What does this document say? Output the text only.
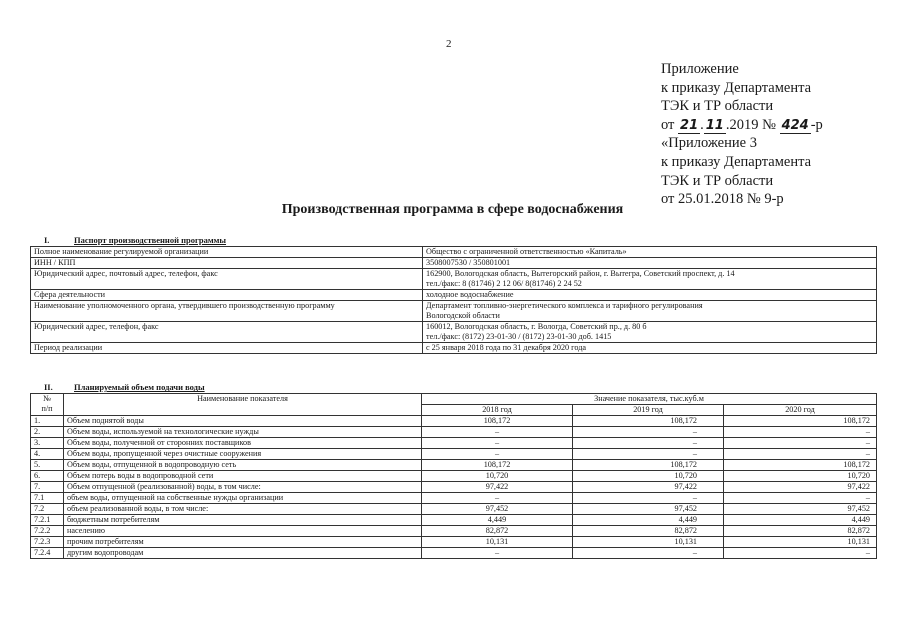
2
Приложение
к приказу Департамента
ТЭК и ТР области
от 21 . 11 .2019 № 424 -р
«Приложение 3
к приказу Департамента
ТЭК и ТР области
от 25.01.2018 № 9-р
Производственная программа в сфере водоснабжения
I.	Паспорт производственной программы
Полное наименование регулируемой организации	Общество с ограниченной ответственностью «Капиталь»

ИНН / КПП	3508007530 / 350801001

Юридический адрес, почтовый адрес, телефон, факс	162900, Вологодская область, Вытегорский район, г. Вытегра, Советский проспект, д. 14
тел./факс: 8 (81746) 2 12 06/ 8(81746) 2 24 52

Сфера деятельности	холодное водоснабжение

Наименование уполномоченного органа, утвердившего производственную программу	Департамент топливно-энергетического комплекса и тарифного регулирования
Вологодской области

Юридический адрес, телефон, факс	160012, Вологодская область, г. Вологда, Советский пр., д. 80 б
тел./факс: (8172) 23-01-30 / (8172) 23-01-30 доб. 1415

Период реализации	с 25 января 2018 года по 31 декабря 2020 года
II.	Планируемый объем подачи воды
№
п/п	Наименование показателя	Значение показателя, тыс.куб.м		
		2018 год	2019 год	2020 год
1.	Объем поднятой воды	108,172	108,172	108,172
2.	Объем воды, используемой на технологические нужды	–	–	–
3.	Объем воды, полученной от сторонних поставщиков	–	–	–
4.	Объем воды, пропущенной через очистные сооружения	–	–	–
5.	Объем воды, отпущенной в водопроводную сеть	108,172	108,172	108,172
6.	Объем потерь воды в водопроводной сети	10,720	10,720	10,720
7.	Объем отпущенной (реализованной) воды, в том числе:	97,422	97,422	97,422
7.1	объем воды, отпущенной на собственные нужды организации	–	–	–
7.2	объем реализованной воды, в том числе:	97,452	97,452	97,452
7.2.1	бюджетным потребителям	4,449	4,449	4,449
7.2.2	населению	82,872	82,872	82,872
7.2.3	прочим потребителям	10,131	10,131	10,131
7.2.4	другим водопроводам	–	–	–
